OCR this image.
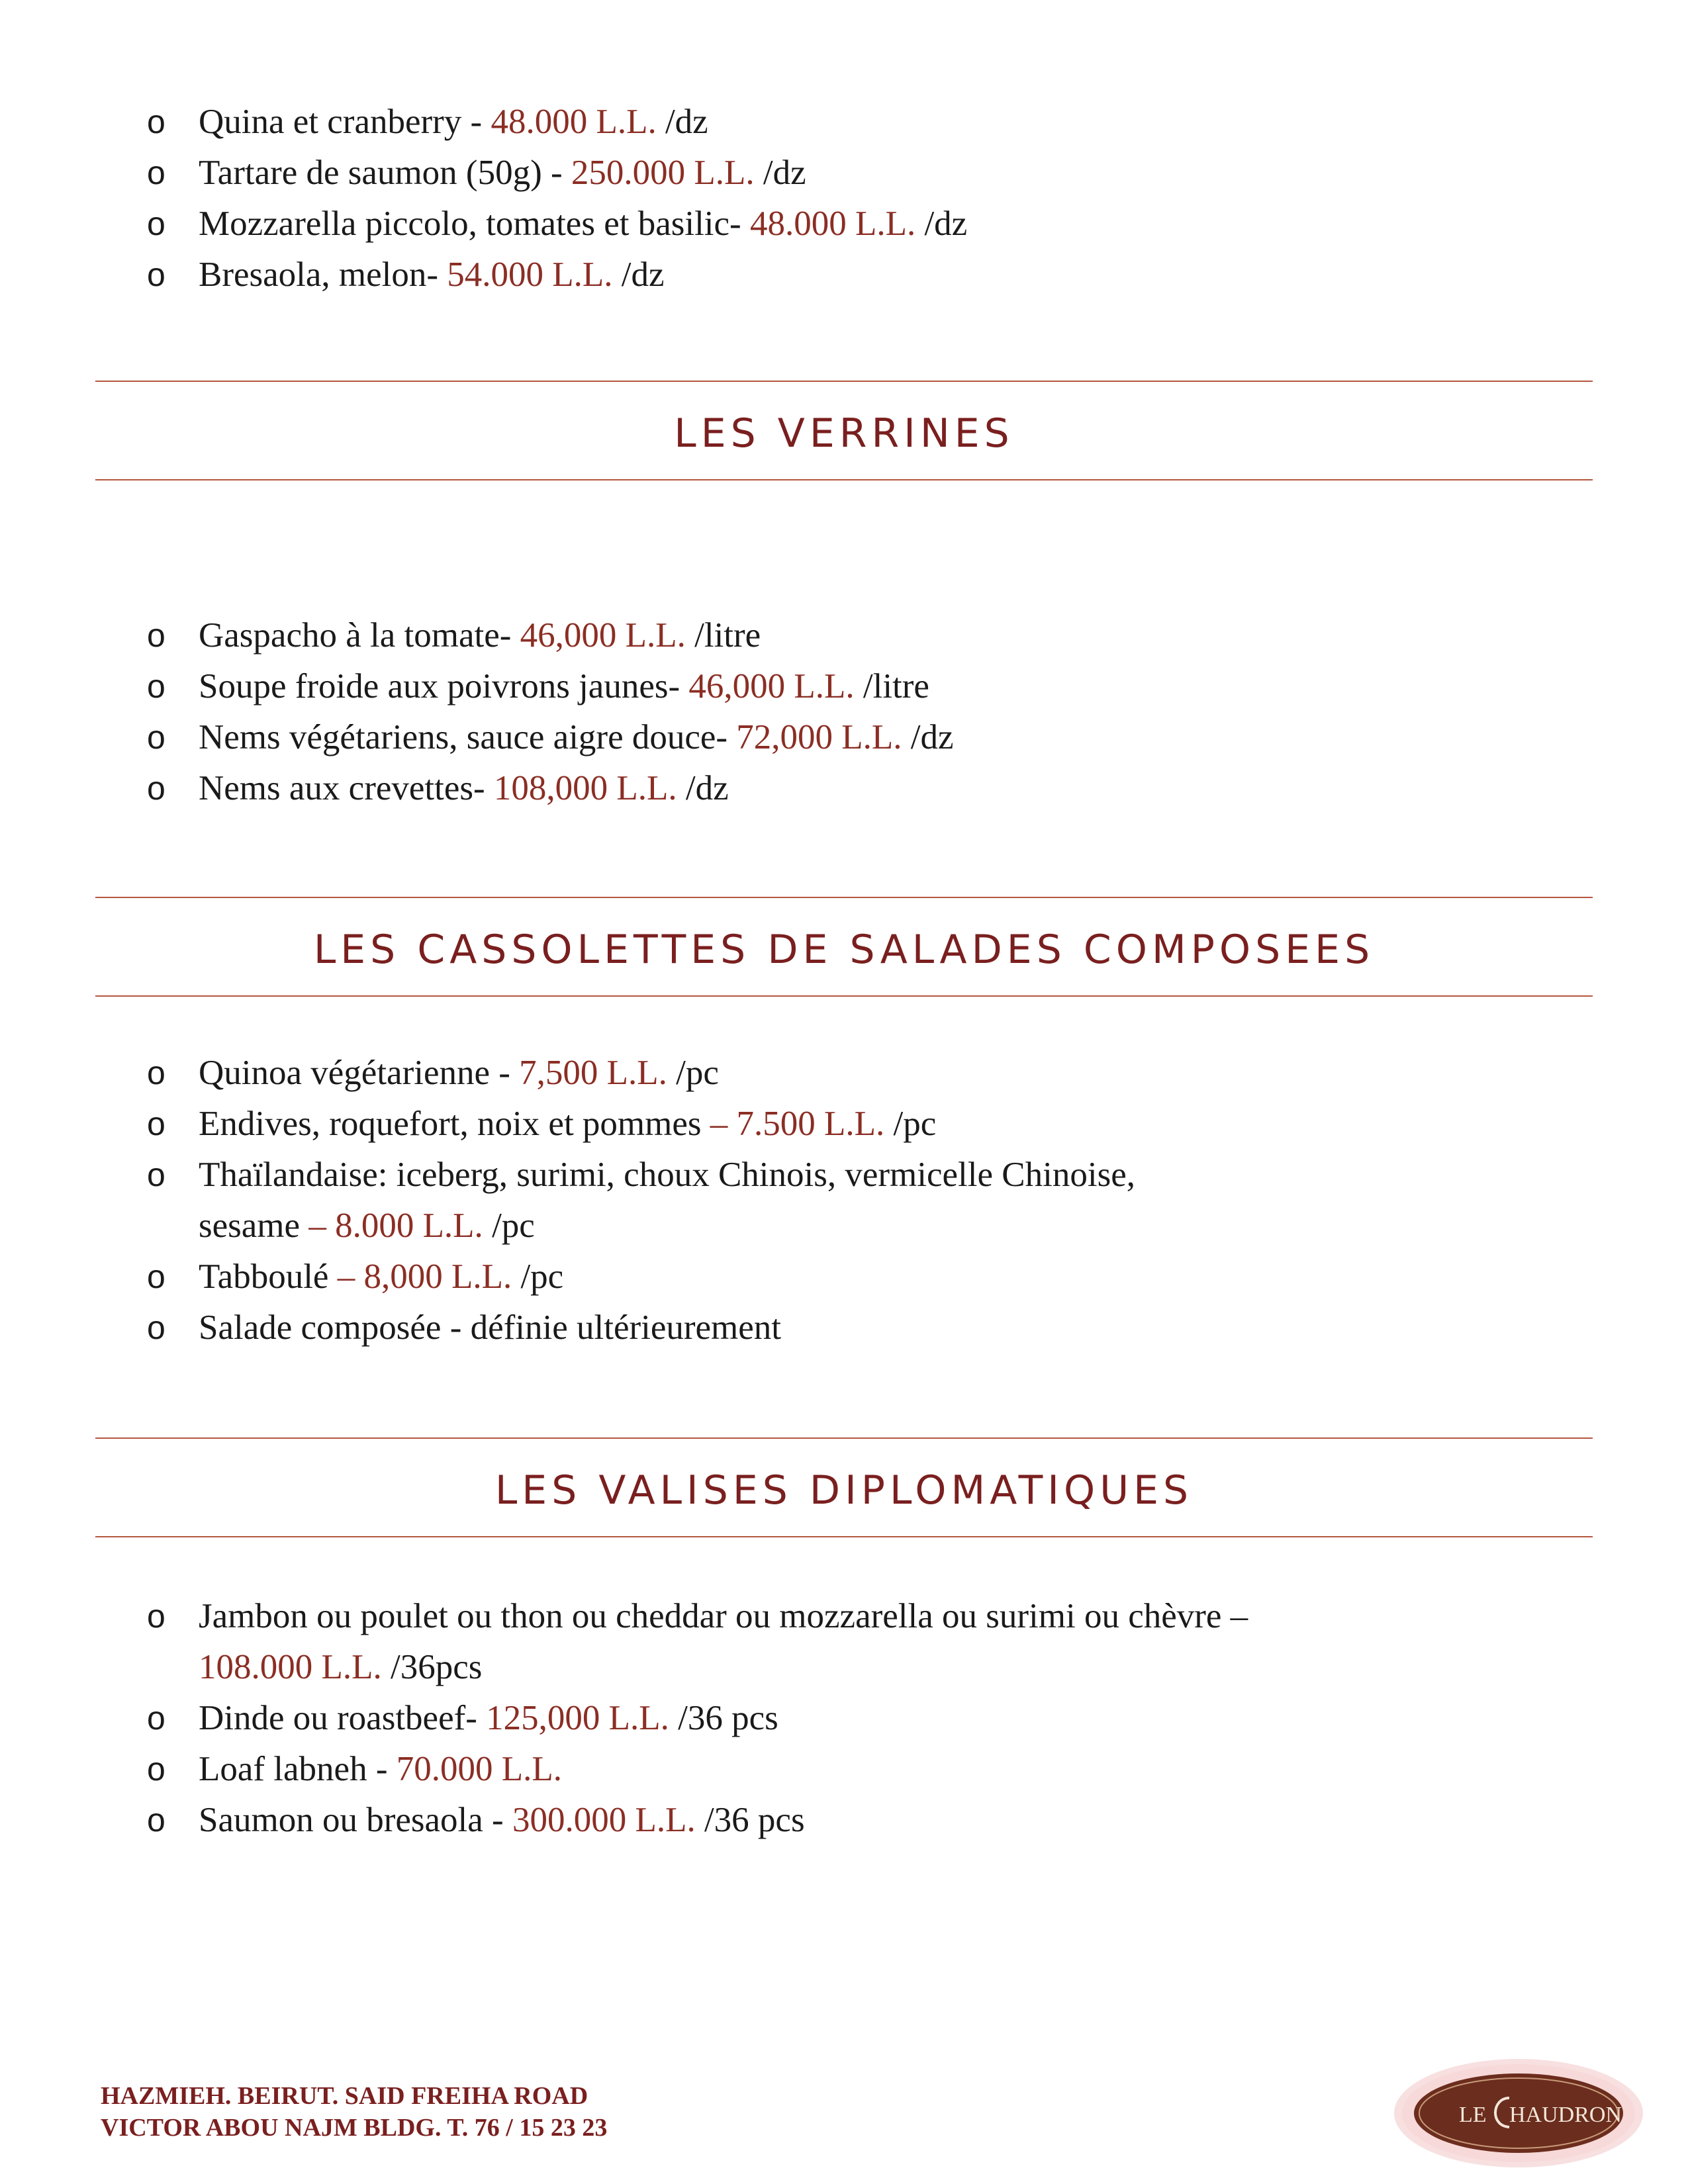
o Quina et cranberry - 48.000 L.L. /dz
o Tartare de saumon (50g) - 250.000 L.L. /dz
o Mozzarella piccolo, tomates et basilic- 48.000 L.L. /dz
o Bresaola, melon- 54.000 L.L. /dz
LES VERRINES
o Gaspacho à la tomate- 46,000 L.L. /litre
o Soupe froide aux poivrons jaunes- 46,000 L.L. /litre
o Nems végétariens, sauce aigre douce- 72,000 L.L. /dz
o Nems aux crevettes- 108,000 L.L. /dz
LES CASSOLETTES DE SALADES COMPOSEES
o Quinoa végétarienne - 7,500 L.L. /pc
o Endives, roquefort, noix et pommes – 7.500 L.L. /pc
o Thaïlandaise: iceberg, surimi, choux Chinois, vermicelle Chinoise,
sesame – 8.000 L.L. /pc
o Tabboulé – 8,000 L.L. /pc
o Salade composée - définie ultérieurement
LES VALISES DIPLOMATIQUES
o Jambon ou poulet ou thon ou cheddar ou mozzarella ou surimi ou chèvre –
108.000 L.L. /36pcs
o Dinde ou roastbeef- 125,000 L.L. /36 pcs
o Loaf labneh - 70.000 L.L.
o Saumon ou bresaola - 300.000 L.L. /36 pcs
HAZMIEH. BEIRUT. SAID FREIHA ROAD
VICTOR ABOU NAJM BLDG. T. 76 / 15 23 23	LE HAUDRON
